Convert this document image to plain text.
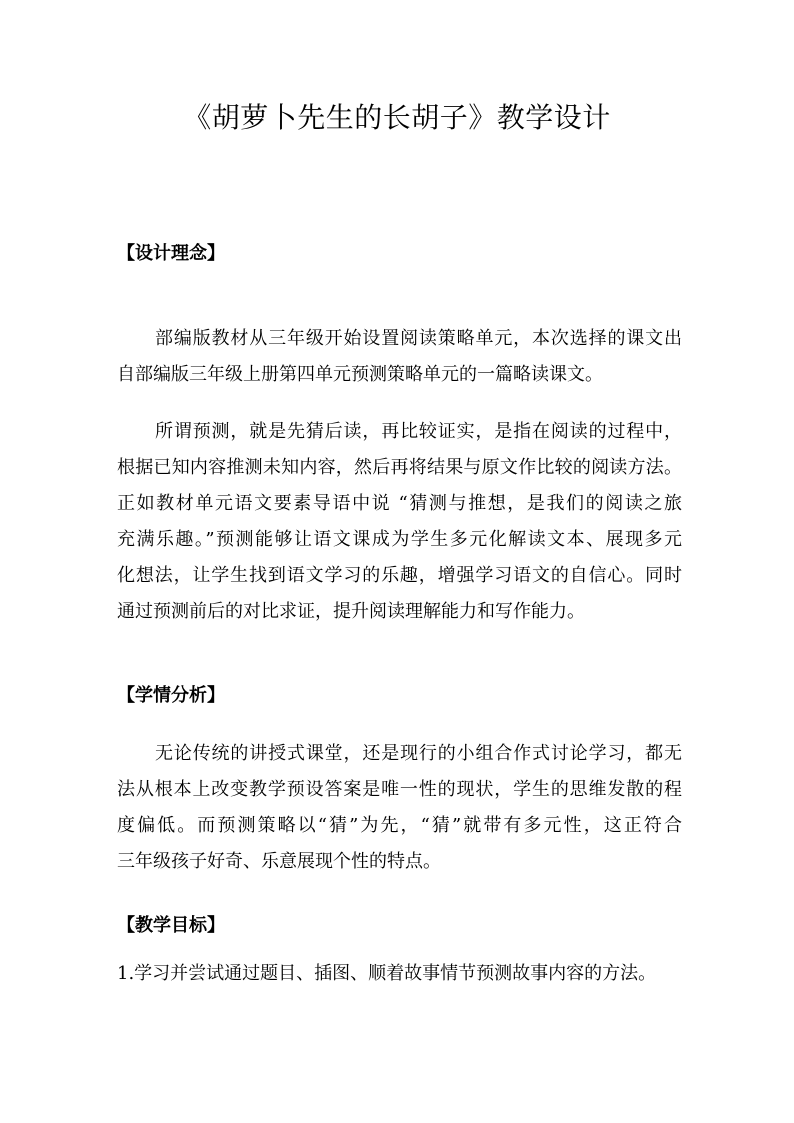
《胡萝卜先生的长胡子》教学设计
【设计理念】
部编版教材从三年级开始设置阅读策略单元，本次选择的课文出
自部编版三年级上册第四单元预测策略单元的一篇略读课文。
所谓预测，就是先猜后读，再比较证实，是指在阅读的过程中，
根据已知内容推测未知内容，然后再将结果与原文作比较的阅读方法。
正如教材单元语文要素导语中说 “猜测与推想，是我们的阅读之旅
充满乐趣。”预测能够让语文课成为学生多元化解读文本、展现多元
化想法，让学生找到语文学习的乐趣，增强学习语文的自信心。同时
通过预测前后的对比求证，提升阅读理解能力和写作能力。
【学情分析】
无论传统的讲授式课堂，还是现行的小组合作式讨论学习，都无
法从根本上改变教学预设答案是唯一性的现状，学生的思维发散的程
度偏低。而预测策略以“猜”为先，“猜”就带有多元性，这正符合
三年级孩子好奇、乐意展现个性的特点。
【教学目标】
1.学习并尝试通过题目、插图、顺着故事情节预测故事内容的方法。
